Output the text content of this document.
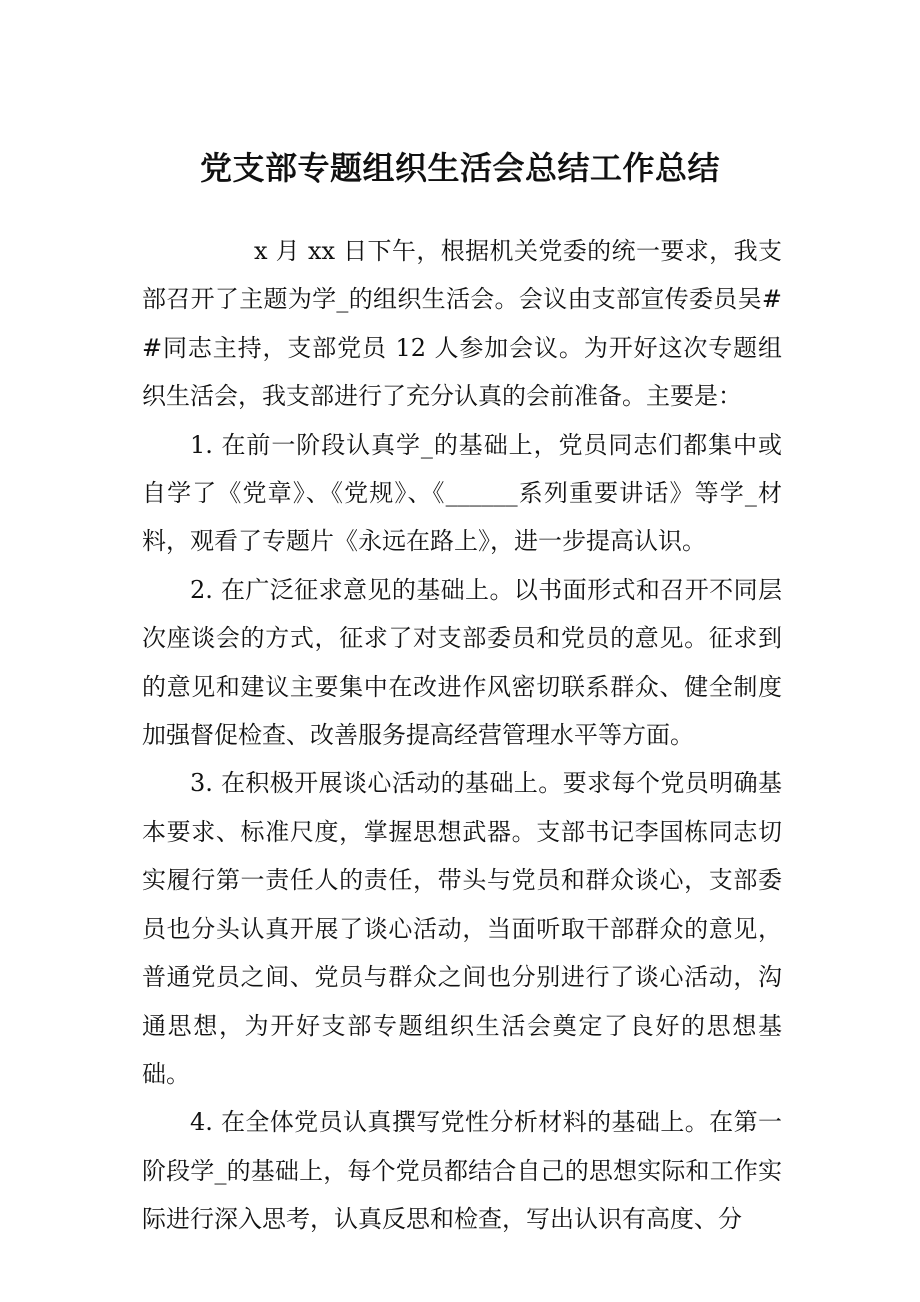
党支部专题组织生活会总结工作总结

x 月 xx 日下午，根据机关党委的统一要求，我支部召开了主题为学_的组织生活会。会议由支部宣传委员吴##同志主持，支部党员 12 人参加会议。为开好这次专题组织生活会，我支部进行了充分认真的会前准备。主要是：

1. 在前一阶段认真学_的基础上，党员同志们都集中或自学了《党章》、《党规》、《______系列重要讲话》等学_材料，观看了专题片《永远在路上》，进一步提高认识。

2. 在广泛征求意见的基础上。以书面形式和召开不同层次座谈会的方式，征求了对支部委员和党员的意见。征求到的意见和建议主要集中在改进作风密切联系群众、健全制度加强督促检查、改善服务提高经营管理水平等方面。

3. 在积极开展谈心活动的基础上。要求每个党员明确基本要求、标准尺度，掌握思想武器。支部书记李国栋同志切实履行第一责任人的责任，带头与党员和群众谈心，支部委员也分头认真开展了谈心活动，当面听取干部群众的意见，普通党员之间、党员与群众之间也分别进行了谈心活动，沟通思想，为开好支部专题组织生活会奠定了良好的思想基础。

4. 在全体党员认真撰写党性分析材料的基础上。在第一阶段学_的基础上，每个党员都结合自己的思想实际和工作实际进行深入思考，认真反思和检查，写出认识有高度、分
